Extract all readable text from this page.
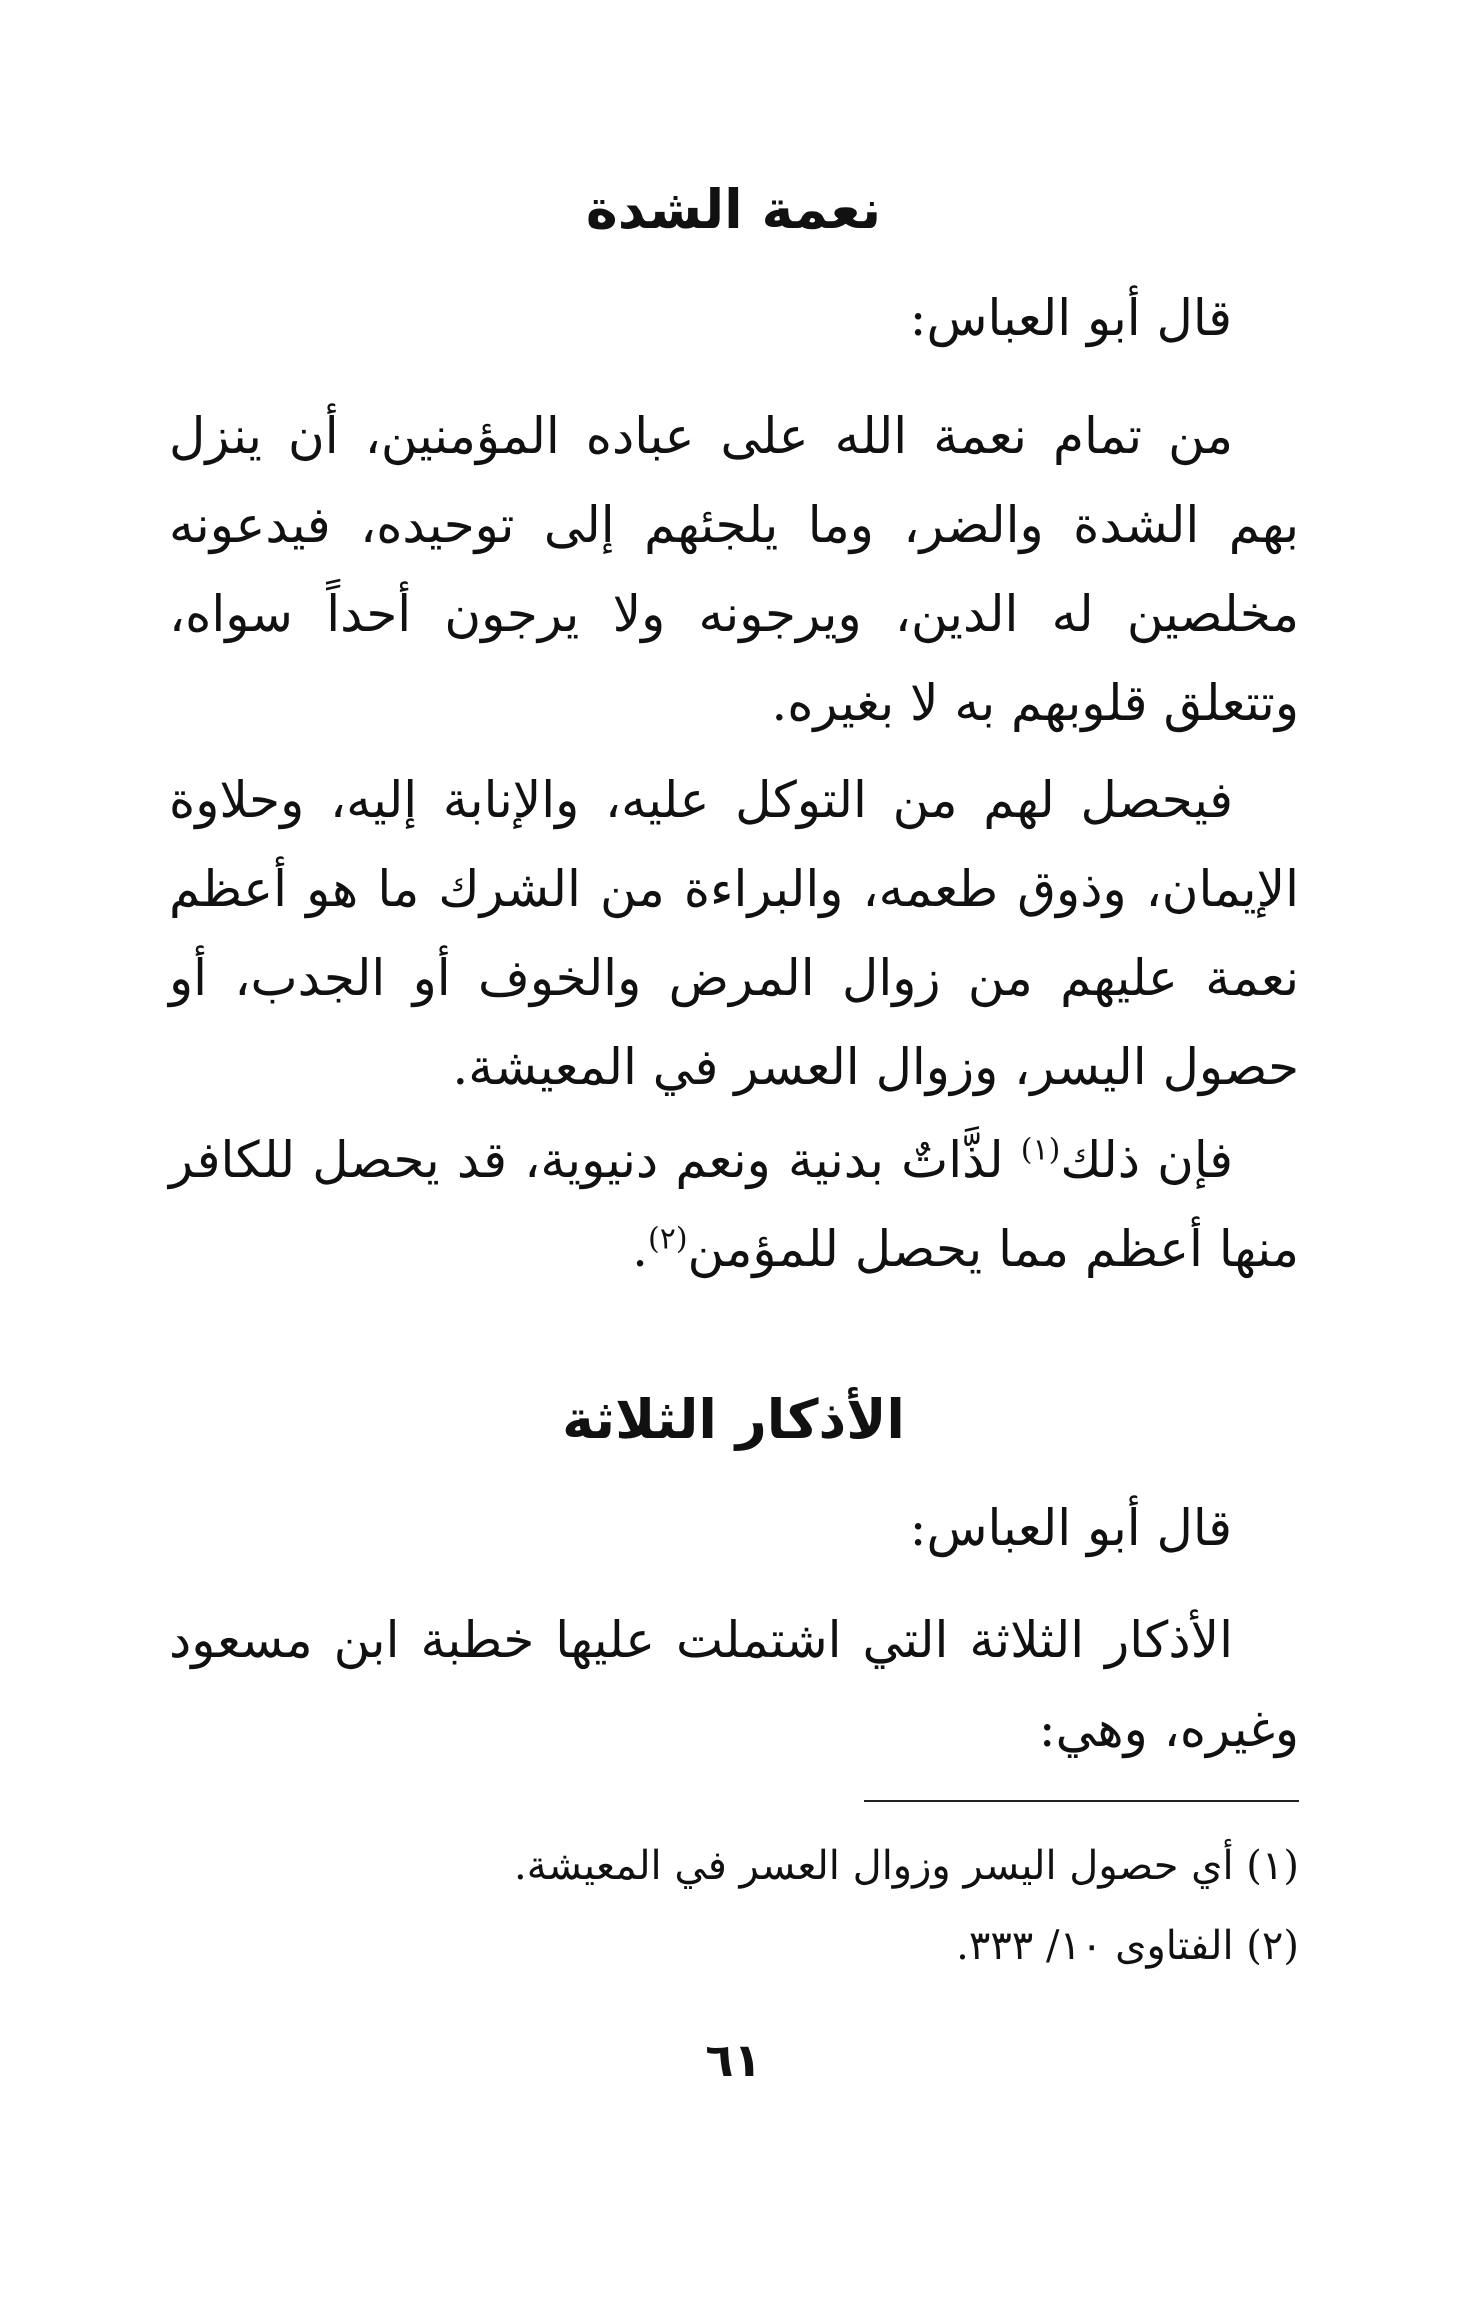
نعمة الشدة
قال أبو العباس:

من تمام نعمة الله على عباده المؤمنين، أن ينزل بهم الشدة والضر، وما يلجئهم إلى توحيده، فيدعونه مخلصين له الدين، ويرجونه ولا يرجون أحداً سواه، وتتعلق قلوبهم به لا بغيره.

فيحصل لهم من التوكل عليه، والإنابة إليه، وحلاوة الإيمان، وذوق طعمه، والبراءة من الشرك ما هو أعظم نعمة عليهم من زوال المرض والخوف أو الجدب، أو حصول اليسر، وزوال العسر في المعيشة.

فإن ذلك$^{(١)}$ لذَّاتٌ بدنية ونعم دنيوية، قد يحصل للكافر منها أعظم مما يحصل للمؤمن$^{(٢)}$.

الأذكار الثلاثة
قال أبو العباس:

الأذكار الثلاثة التي اشتملت عليها خطبة ابن مسعود وغيره، وهي:

(١) أي حصول اليسر وزوال العسر في المعيشة.

(٢) الفتاوى ١٠/ ٣٣٣.

٦١
